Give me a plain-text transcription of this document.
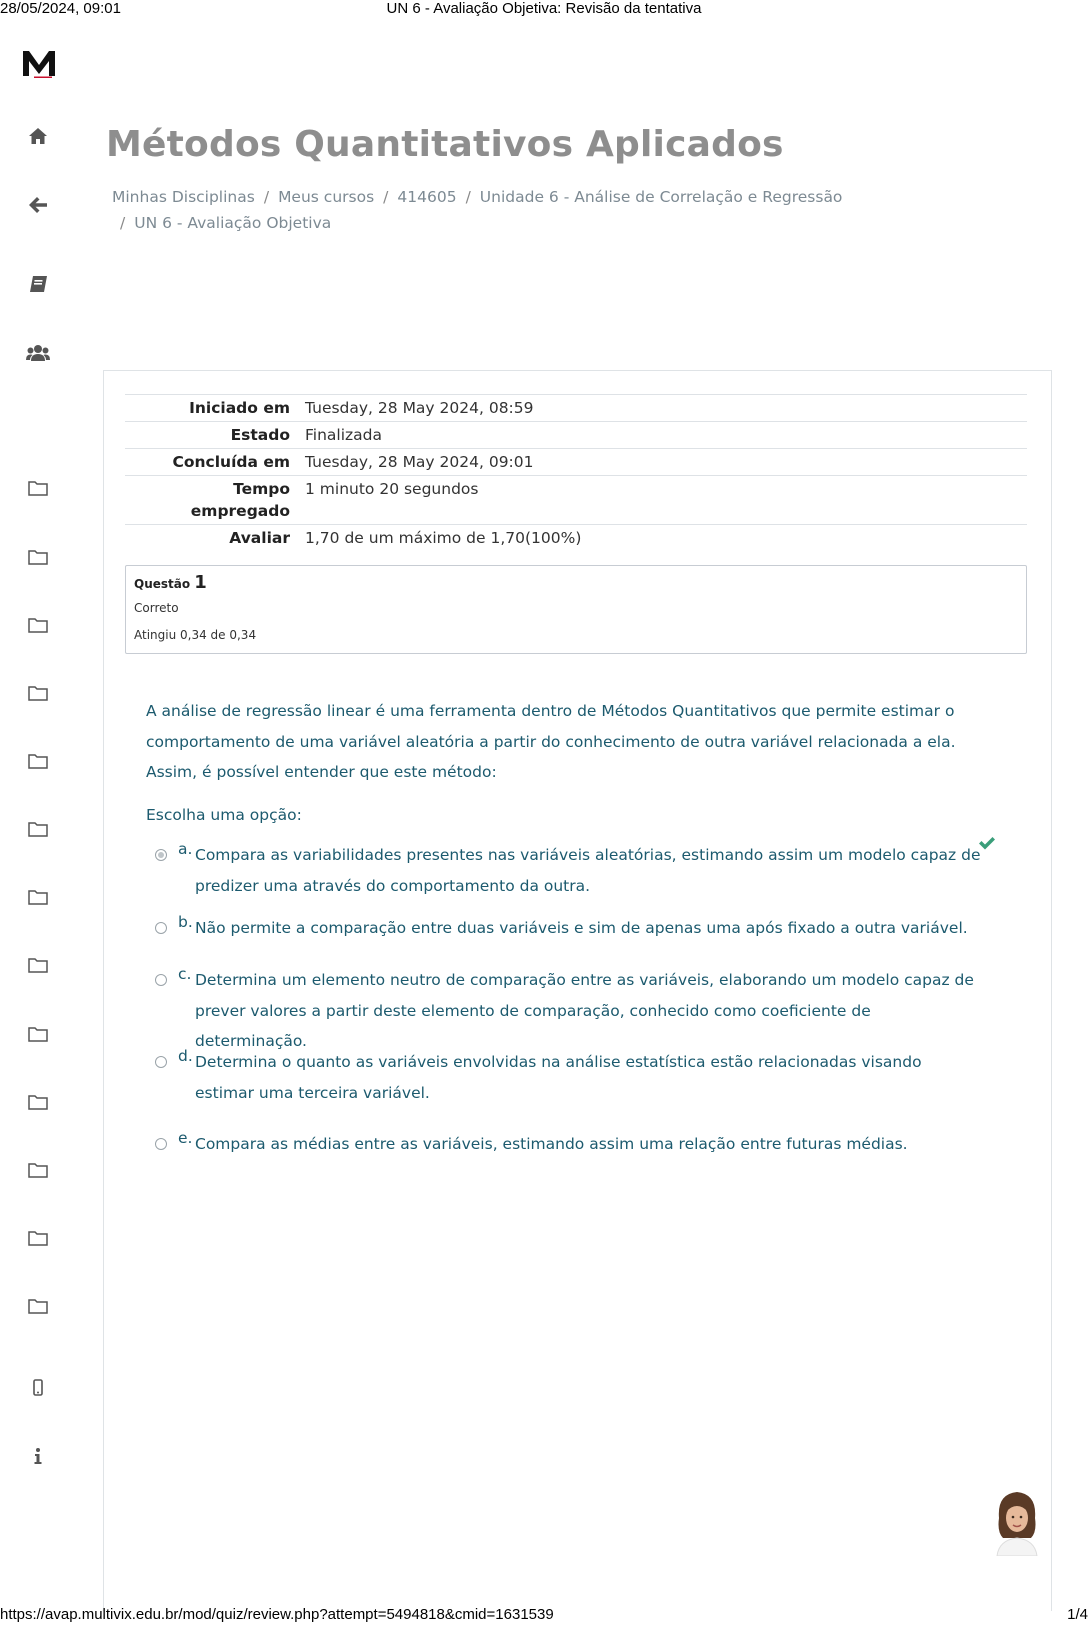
28/05/2024, 09:01	UN 6 - Avaliação Objetiva: Revisão da tentativa
Métodos Quantitativos Aplicados
Minhas Disciplinas / Meus cursos / 414605 / Unidade 6 - Análise de Correlação e Regressão
/ UN 6 - Avaliação Objetiva
Iniciado em	Tuesday, 28 May 2024, 08:59
Estado	Finalizada
Concluída em	Tuesday, 28 May 2024, 09:01
Tempo empregado	1 minuto 20 segundos
Avaliar	1,70 de um máximo de 1,70(100%)
Questão 1
Correto
Atingiu 0,34 de 0,34
A análise de regressão linear é uma ferramenta dentro de Métodos Quantitativos que permite estimar o comportamento de uma variável aleatória a partir do conhecimento de outra variável relacionada a ela. Assim, é possível entender que este método:
Escolha uma opção:
a. Compara as variabilidades presentes nas variáveis aleatórias, estimando assim um modelo capaz de predizer uma através do comportamento da outra.
b. Não permite a comparação entre duas variáveis e sim de apenas uma após fixado a outra variável.
c. Determina um elemento neutro de comparação entre as variáveis, elaborando um modelo capaz de prever valores a partir deste elemento de comparação, conhecido como coeficiente de determinação.
d. Determina o quanto as variáveis envolvidas na análise estatística estão relacionadas visando estimar uma terceira variável.
e. Compara as médias entre as variáveis, estimando assim uma relação entre futuras médias.
https://avap.multivix.edu.br/mod/quiz/review.php?attempt=5494818&cmid=1631539	1/4
